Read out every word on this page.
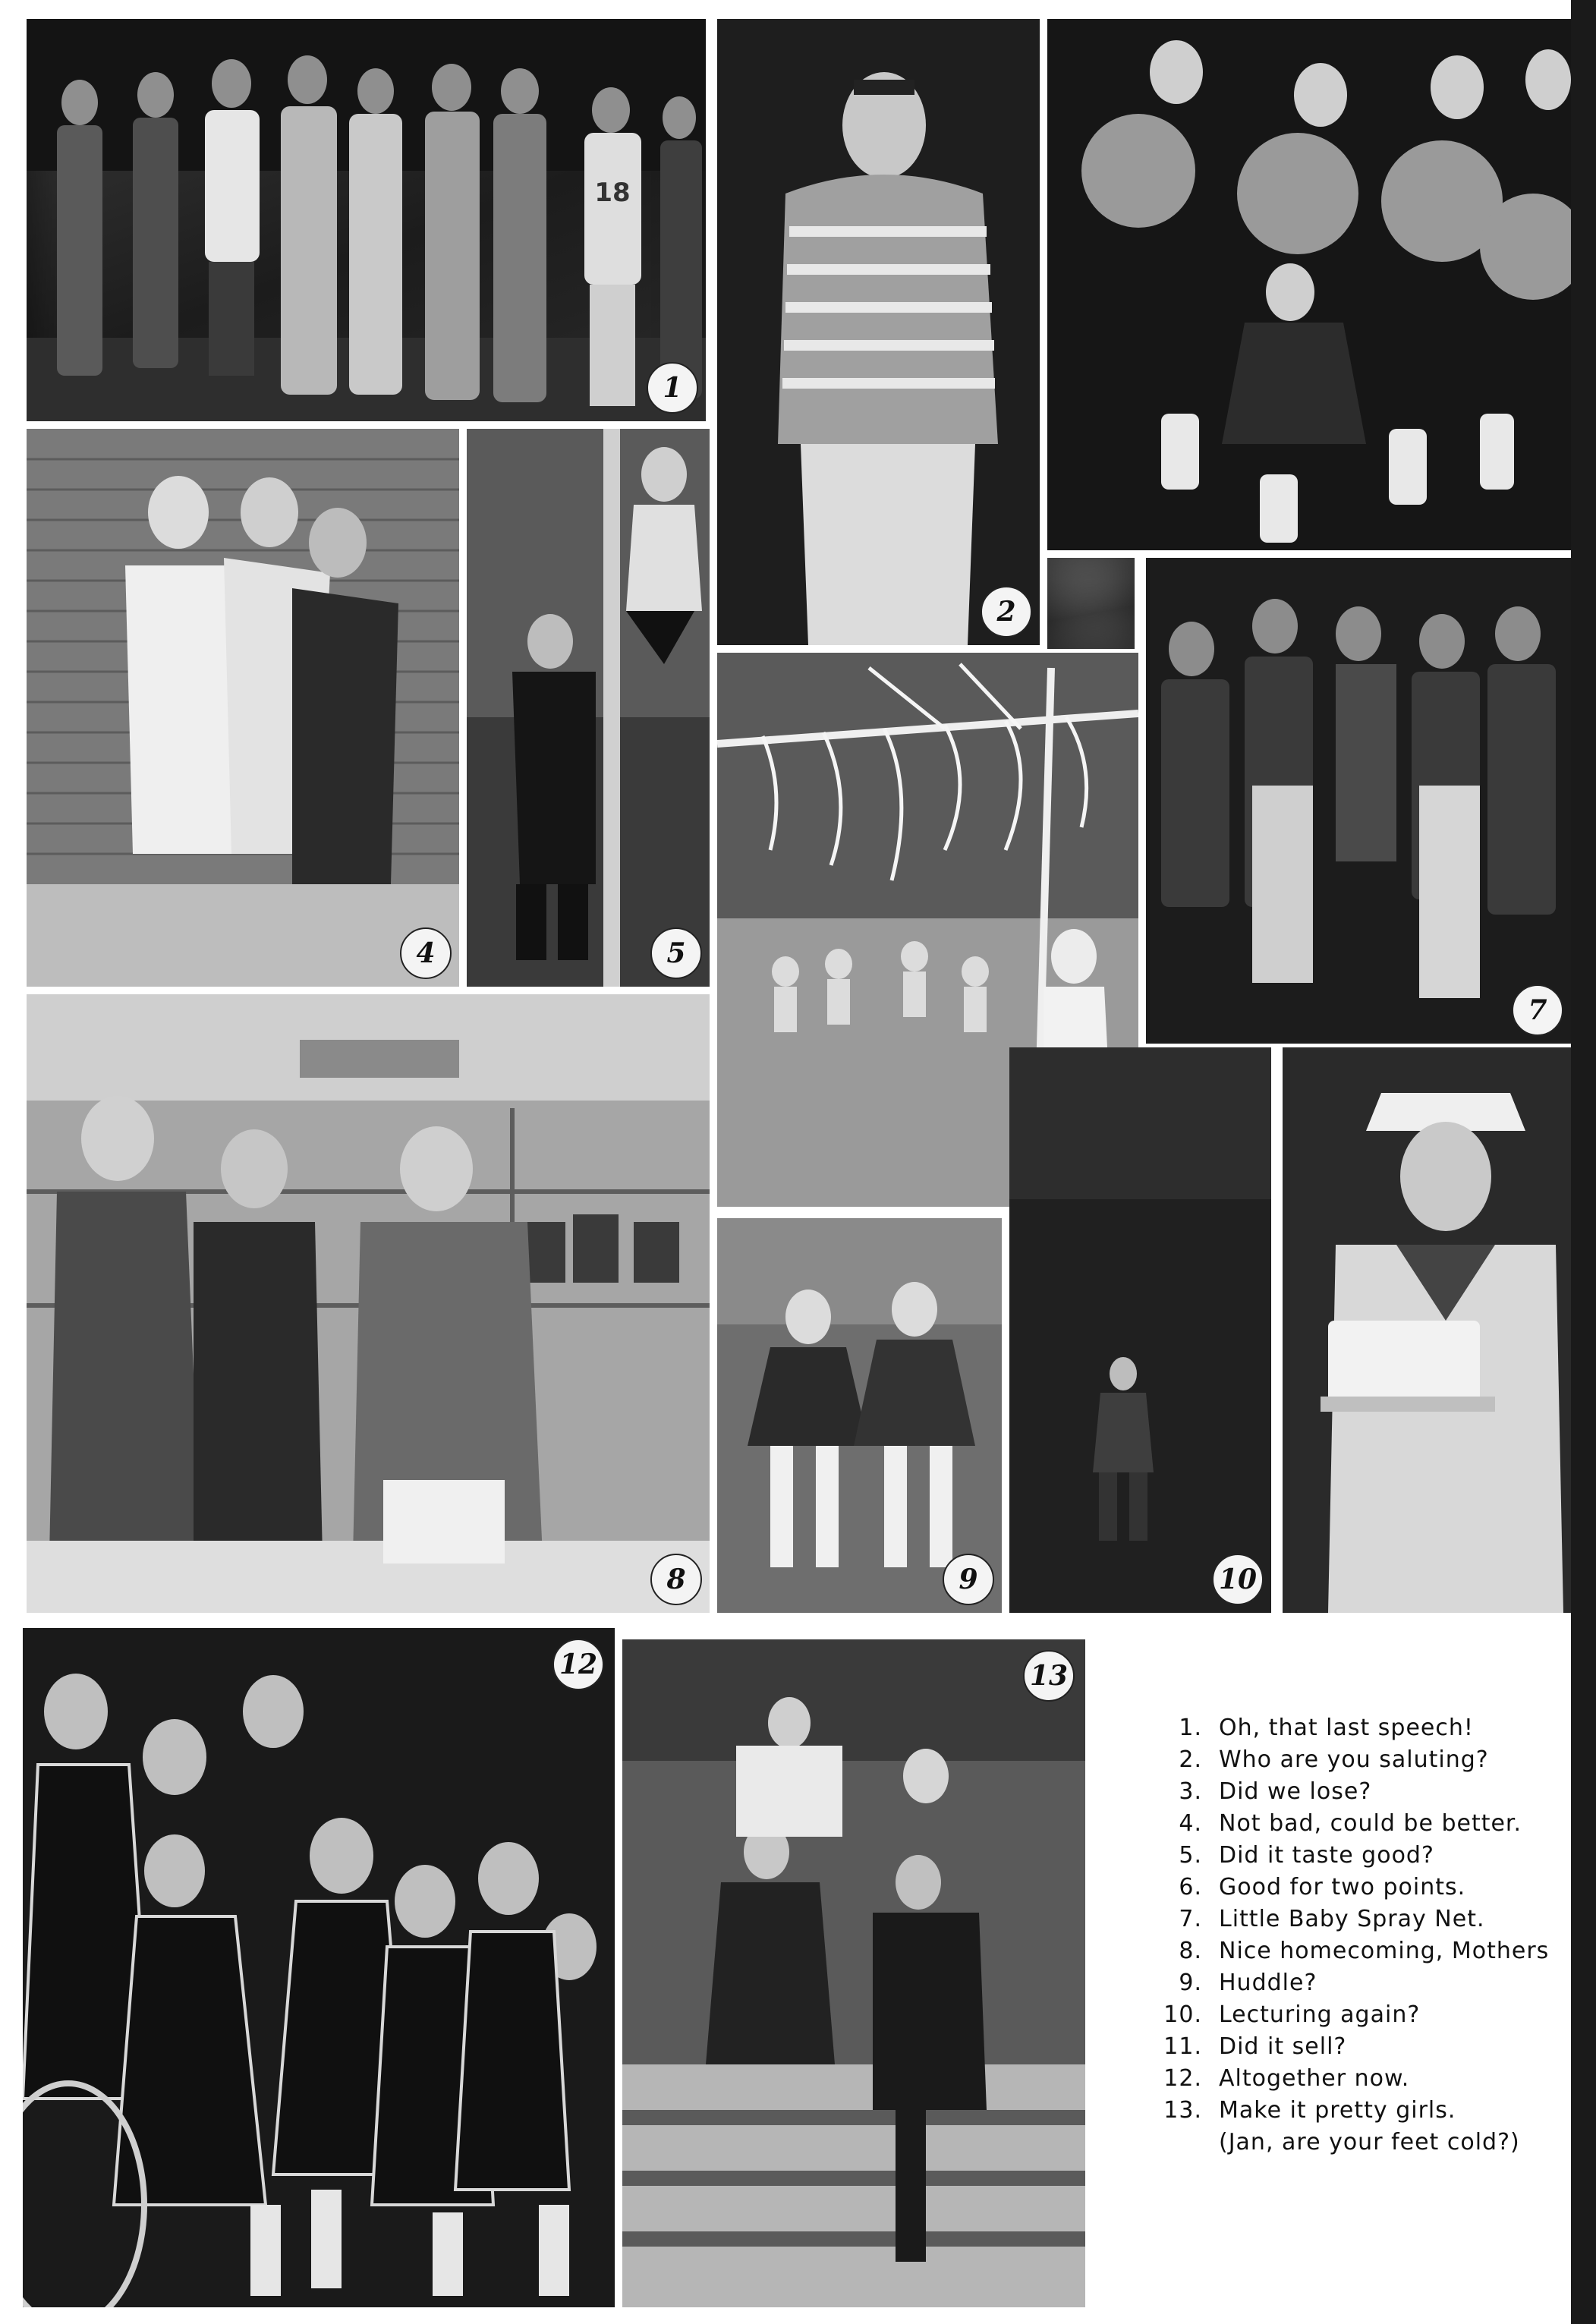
18
1
2
4	5
7
8	9	10
12	13
1. Oh, that last speech!
2. Who are you saluting?
3. Did we lose?
4. Not bad, could be better.
5. Did it taste good?
6. Good for two points.
7. Little Baby Spray Net.
8. Nice homecoming, Mothers
9. Huddle?
10. Lecturing again?
11. Did it sell?
12. Altogether now.
13. Make it pretty girls.
(Jan, are your feet cold?)
